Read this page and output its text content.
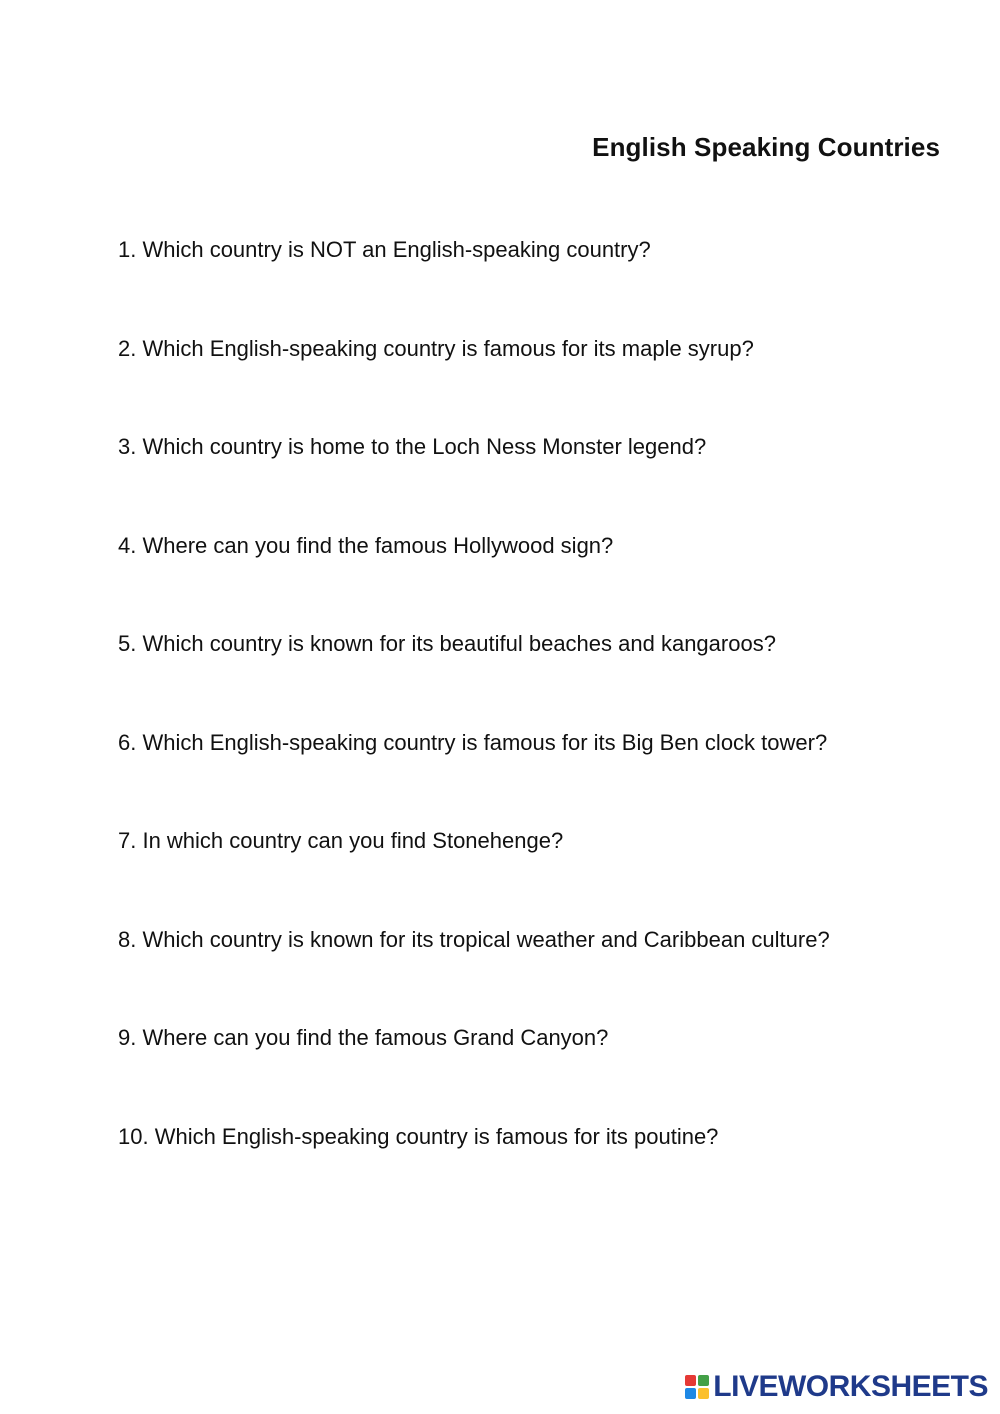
English Speaking Countries
1. Which country is NOT an English-speaking country?
2. Which English-speaking country is famous for its maple syrup?
3. Which country is home to the Loch Ness Monster legend?
4. Where can you find the famous Hollywood sign?
5. Which country is known for its beautiful beaches and kangaroos?
6. Which English-speaking country is famous for its Big Ben clock tower?
7. In which country can you find Stonehenge?
8. Which country is known for its tropical weather and Caribbean culture?
9. Where can you find the famous Grand Canyon?
10. Which English-speaking country is famous for its poutine?
LIVEWORKSHEETS
